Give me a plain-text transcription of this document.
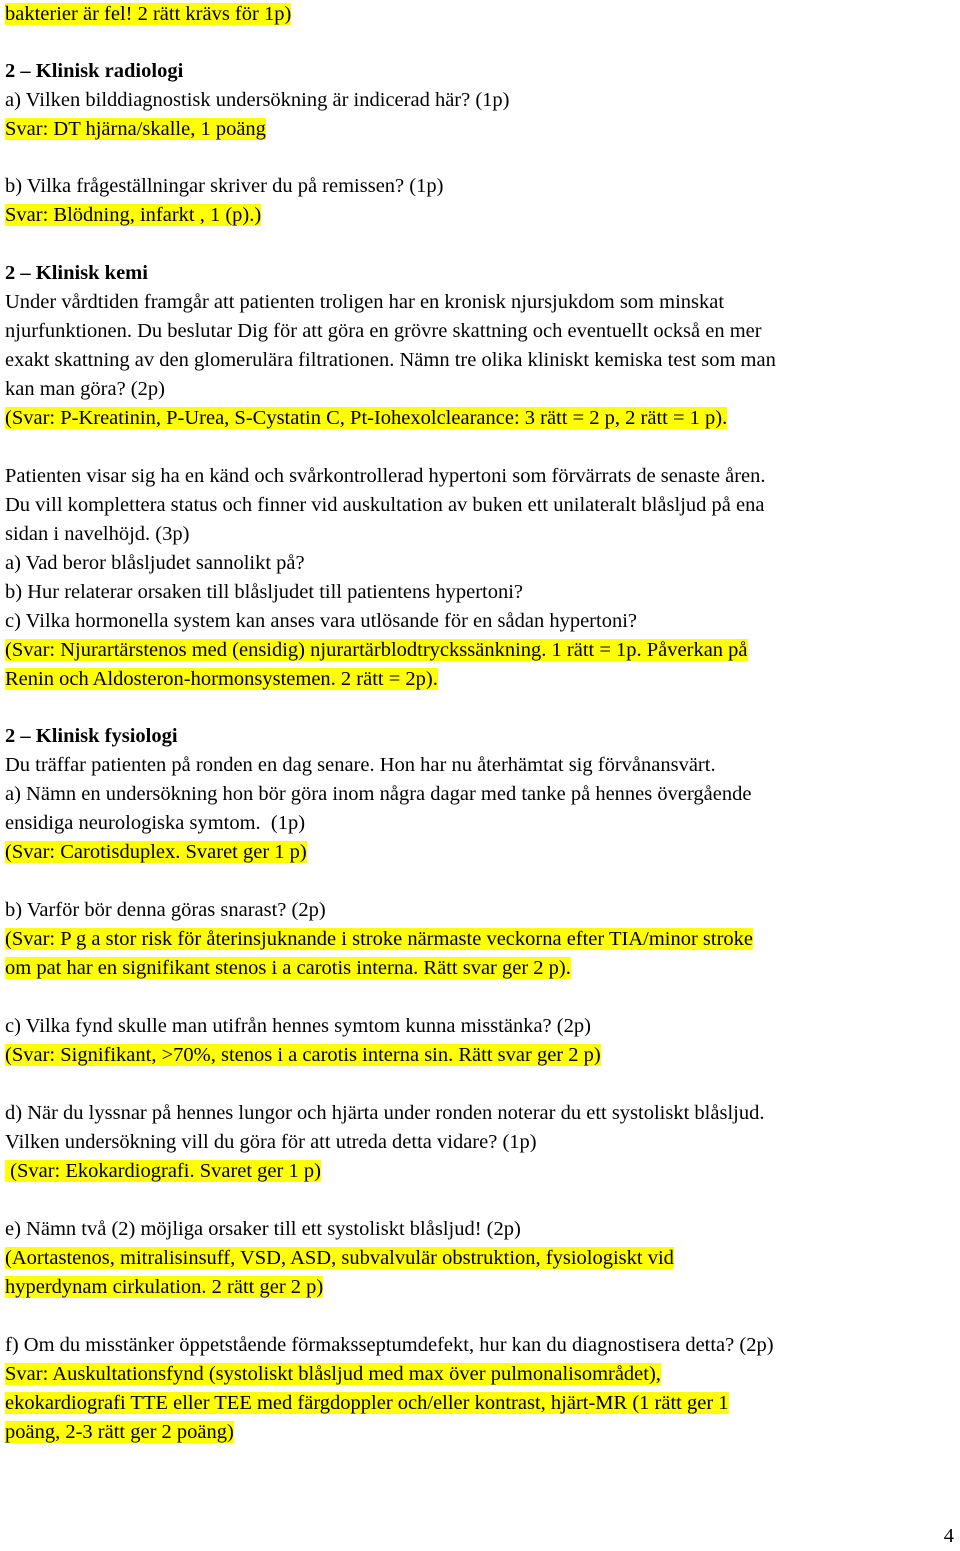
bakterier är fel! 2 rätt krävs för 1p)
2 – Klinisk radiologi
a) Vilken bilddiagnostisk undersökning är indicerad här? (1p)
Svar: DT hjärna/skalle, 1 poäng
b) Vilka frågeställningar skriver du på remissen? (1p)
Svar: Blödning, infarkt , 1 (p).)
2 – Klinisk kemi
Under vårdtiden framgår att patienten troligen har en kronisk njursjukdom som minskat
njurfunktionen. Du beslutar Dig för att göra en grövre skattning och eventuellt också en mer
exakt skattning av den glomerulära filtrationen. Nämn tre olika kliniskt kemiska test som man
kan man göra? (2p)
(Svar: P-Kreatinin, P-Urea, S-Cystatin C, Pt-Iohexolclearance: 3 rätt = 2 p, 2 rätt = 1 p).
Patienten visar sig ha en känd och svårkontrollerad hypertoni som förvärrats de senaste åren.
Du vill komplettera status och finner vid auskultation av buken ett unilateralt blåsljud på ena
sidan i navelhöjd. (3p)
a) Vad beror blåsljudet sannolikt på?
b) Hur relaterar orsaken till blåsljudet till patientens hypertoni?
c) Vilka hormonella system kan anses vara utlösande för en sådan hypertoni?
(Svar: Njurartärstenos med (ensidig) njurartärblodtryckssänkning. 1 rätt = 1p. Påverkan på
Renin och Aldosteron-hormonsystemen. 2 rätt = 2p).
2 – Klinisk fysiologi
Du träffar patienten på ronden en dag senare. Hon har nu återhämtat sig förvånansvärt.
a) Nämn en undersökning hon bör göra inom några dagar med tanke på hennes övergående
ensidiga neurologiska symtom.  (1p)
(Svar: Carotisduplex. Svaret ger 1 p)
b) Varför bör denna göras snarast? (2p)
(Svar: P g a stor risk för återinsjuknande i stroke närmaste veckorna efter TIA/minor stroke
om pat har en signifikant stenos i a carotis interna. Rätt svar ger 2 p).
c) Vilka fynd skulle man utifrån hennes symtom kunna misstänka? (2p)
(Svar: Signifikant, >70%, stenos i a carotis interna sin. Rätt svar ger 2 p)
d) När du lyssnar på hennes lungor och hjärta under ronden noterar du ett systoliskt blåsljud.
Vilken undersökning vill du göra för att utreda detta vidare? (1p)
(Svar: Ekokardiografi. Svaret ger 1 p)
e) Nämn två (2) möjliga orsaker till ett systoliskt blåsljud! (2p)
(Aortastenos, mitralisinsuff, VSD, ASD, subvalvulär obstruktion, fysiologiskt vid
hyperdynam cirkulation. 2 rätt ger 2 p)
f) Om du misstänker öppetstående förmaksseptumdefekt, hur kan du diagnostisera detta? (2p)
Svar: Auskultationsfynd (systoliskt blåsljud med max över pulmonalisområdet),
ekokardiografi TTE eller TEE med färgdoppler och/eller kontrast, hjärt-MR (1 rätt ger 1
poäng, 2-3 rätt ger 2 poäng)
4
